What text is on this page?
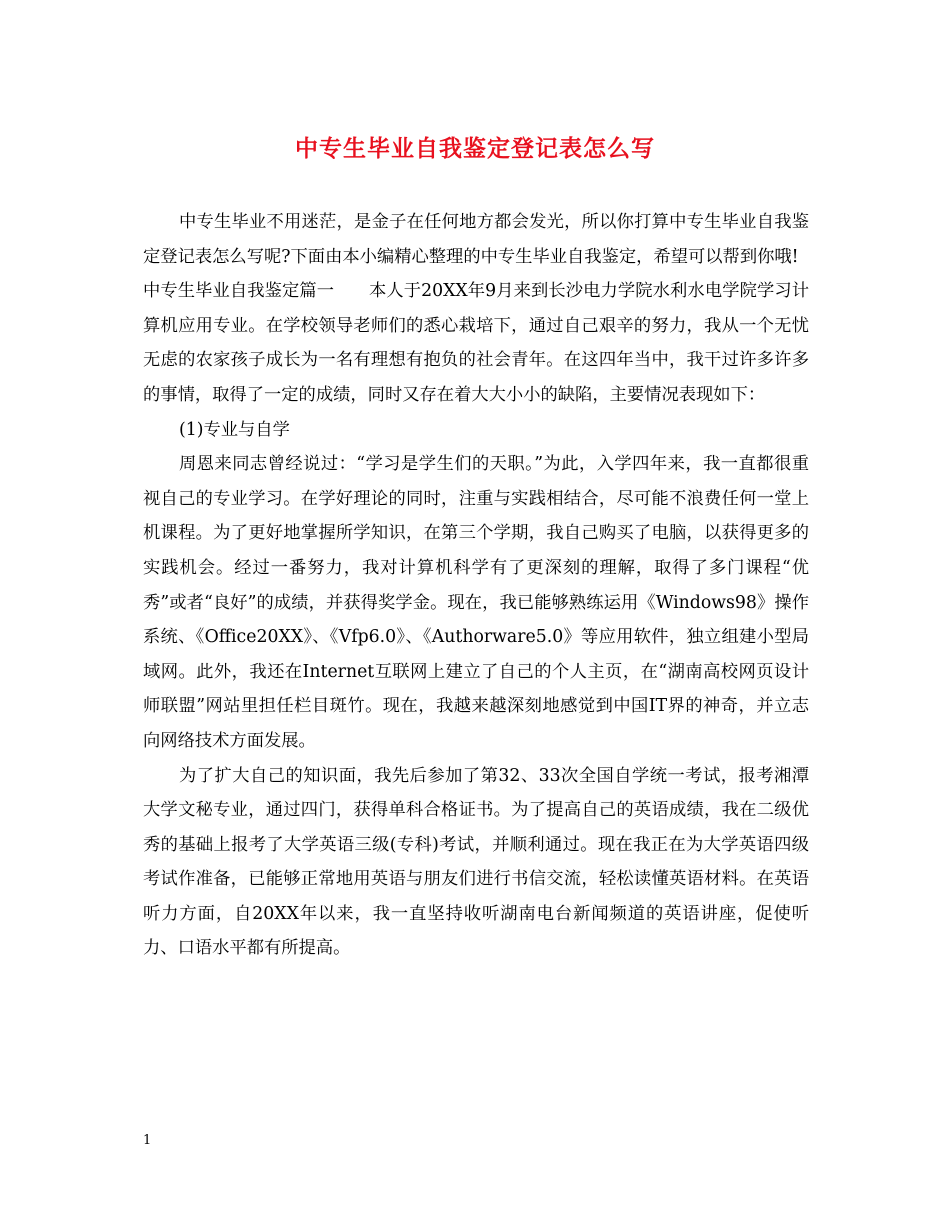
中专生毕业自我鉴定登记表怎么写

中专生毕业不用迷茫，是金子在任何地方都会发光，所以你打算中专生毕业自我鉴定登记表怎么写呢?下面由本小编精心整理的中专生毕业自我鉴定，希望可以帮到你哦!

中专生毕业自我鉴定篇一　　本人于20XX年9月来到长沙电力学院水利水电学院学习计算机应用专业。在学校领导老师们的悉心栽培下，通过自己艰辛的努力，我从一个无忧无虑的农家孩子成长为一名有理想有抱负的社会青年。在这四年当中，我干过许多许多的事情，取得了一定的成绩，同时又存在着大大小小的缺陷，主要情况表现如下：

(1)专业与自学

周恩来同志曾经说过：“学习是学生们的天职。”为此，入学四年来，我一直都很重视自己的专业学习。在学好理论的同时，注重与实践相结合，尽可能不浪费任何一堂上机课程。为了更好地掌握所学知识，在第三个学期，我自己购买了电脑，以获得更多的实践机会。经过一番努力，我对计算机科学有了更深刻的理解，取得了多门课程“优秀”或者“良好”的成绩，并获得奖学金。现在，我已能够熟练运用《Windows98》操作系统、《Office20XX》、《Vfp6.0》、《Authorware5.0》等应用软件，独立组建小型局域网。此外，我还在Internet互联网上建立了自己的个人主页，在“湖南高校网页设计师联盟”网站里担任栏目斑竹。现在，我越来越深刻地感觉到中国IT界的神奇，并立志向网络技术方面发展。

为了扩大自己的知识面，我先后参加了第32、33次全国自学统一考试，报考湘潭大学文秘专业，通过四门，获得单科合格证书。为了提高自己的英语成绩，我在二级优秀的基础上报考了大学英语三级(专科)考试，并顺利通过。现在我正在为大学英语四级考试作准备，已能够正常地用英语与朋友们进行书信交流，轻松读懂英语材料。在英语听力方面，自20XX年以来，我一直坚持收听湖南电台新闻频道的英语讲座，促使听力、口语水平都有所提高。

1
